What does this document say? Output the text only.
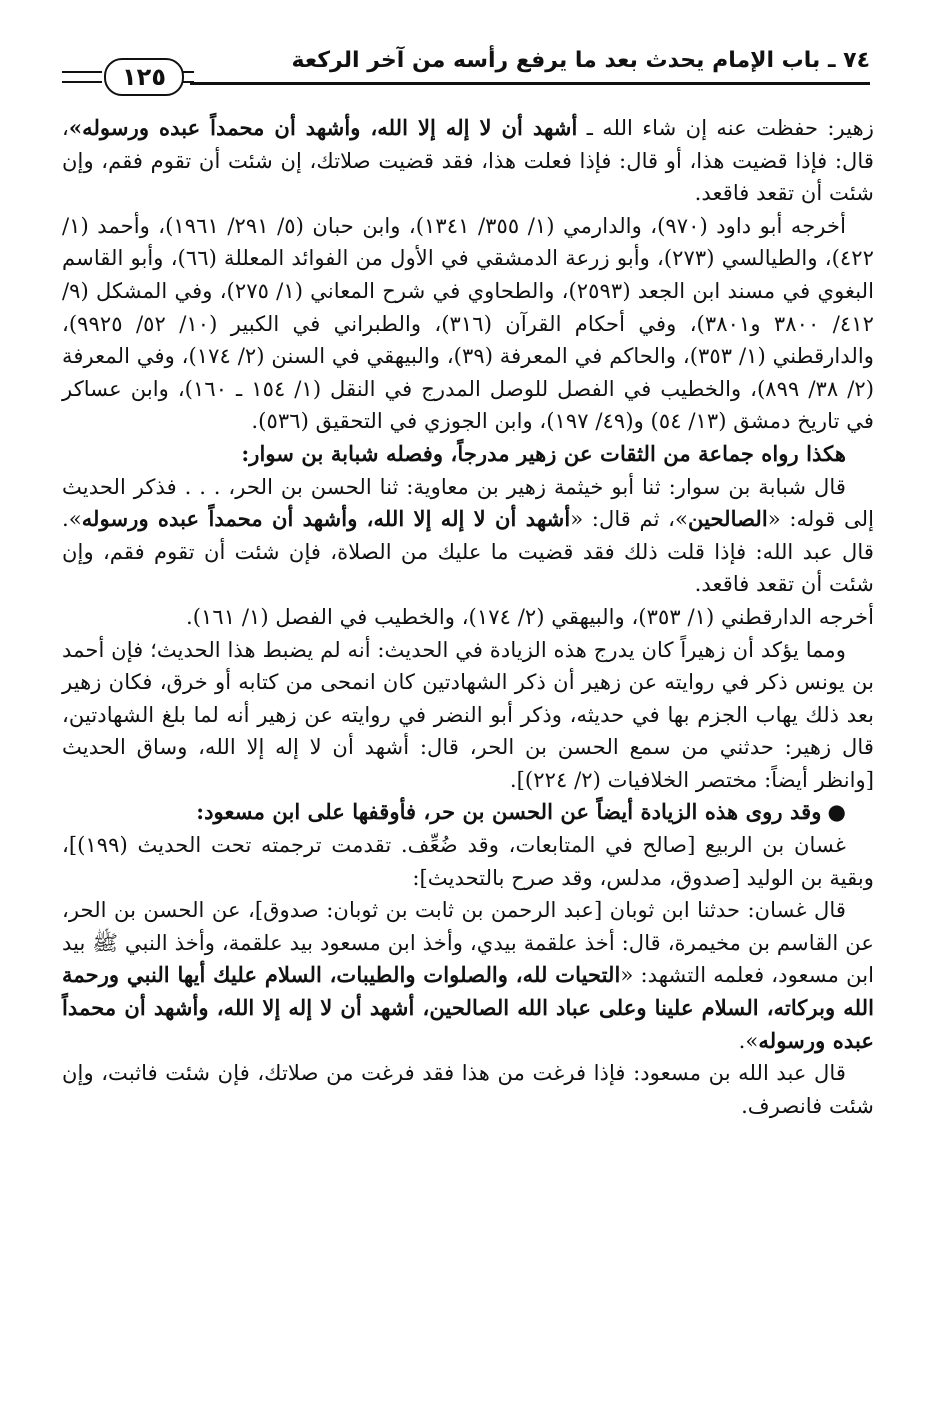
٧٤ ـ باب الإمام يحدث بعد ما يرفع رأسه من آخر الركعة
١٢٥

زهير: حفظت عنه إن شاء الله ـ أشهد أن لا إله إلا الله، وأشهد أن محمداً عبده ورسوله»، قال: فإذا قضيت هذا، أو قال: فإذا فعلت هذا، فقد قضيت صلاتك، إن شئت أن تقوم فقم، وإن شئت أن تقعد فاقعد.

أخرجه أبو داود (٩٧٠)، والدارمي (١/ ٣٥٥/ ١٣٤١)، وابن حبان (٥/ ٢٩١/ ١٩٦١)، وأحمد (١/ ٤٢٢)، والطيالسي (٢٧٣)، وأبو زرعة الدمشقي في الأول من الفوائد المعللة (٦٦)، وأبو القاسم البغوي في مسند ابن الجعد (٢٥٩٣)، والطحاوي في شرح المعاني (١/ ٢٧٥)، وفي المشكل (٩/ ٤١٢/ ٣٨٠٠ و٣٨٠١)، وفي أحكام القرآن (٣١٦)، والطبراني في الكبير (١٠/ ٥٢/ ٩٩٢٥)، والدارقطني (١/ ٣٥٣)، والحاكم في المعرفة (٣٩)، والبيهقي في السنن (٢/ ١٧٤)، وفي المعرفة (٢/ ٣٨/ ٨٩٩)، والخطيب في الفصل للوصل المدرج في النقل (١/ ١٥٤ ـ ١٦٠)، وابن عساكر في تاريخ دمشق (١٣/ ٥٤) و(٤٩/ ١٩٧)، وابن الجوزي في التحقيق (٥٣٦).

هكذا رواه جماعة من الثقات عن زهير مدرجاً، وفصله شبابة بن سوار:

قال شبابة بن سوار: ثنا أبو خيثمة زهير بن معاوية: ثنا الحسن بن الحر، . . . فذكر الحديث إلى قوله: «الصالحين»، ثم قال: «أشهد أن لا إله إلا الله، وأشهد أن محمداً عبده ورسوله». قال عبد الله: فإذا قلت ذلك فقد قضيت ما عليك من الصلاة، فإن شئت أن تقوم فقم، وإن شئت أن تقعد فاقعد.

أخرجه الدارقطني (١/ ٣٥٣)، والبيهقي (٢/ ١٧٤)، والخطيب في الفصل (١/ ١٦١).

ومما يؤكد أن زهيراً كان يدرج هذه الزيادة في الحديث: أنه لم يضبط هذا الحديث؛ فإن أحمد بن يونس ذكر في روايته عن زهير أن ذكر الشهادتين كان انمحى من كتابه أو خرق، فكان زهير بعد ذلك يهاب الجزم بها في حديثه، وذكر أبو النضر في روايته عن زهير أنه لما بلغ الشهادتين، قال زهير: حدثني من سمع الحسن بن الحر، قال: أشهد أن لا إله إلا الله، وساق الحديث [وانظر أيضاً: مختصر الخلافيات (٢/ ٢٢٤)].

●وقد روى هذه الزيادة أيضاً عن الحسن بن حر، فأوقفها على ابن مسعود:

غسان بن الربيع [صالح في المتابعات، وقد ضُعِّف. تقدمت ترجمته تحت الحديث (١٩٩)]، وبقية بن الوليد [صدوق، مدلس، وقد صرح بالتحديث]:

قال غسان: حدثنا ابن ثوبان [عبد الرحمن بن ثابت بن ثوبان: صدوق]، عن الحسن بن الحر، عن القاسم بن مخيمرة، قال: أخذ علقمة بيدي، وأخذ ابن مسعود بيد علقمة، وأخذ النبي ﷺ بيد ابن مسعود، فعلمه التشهد: «التحيات لله، والصلوات والطيبات، السلام عليك أيها النبي ورحمة الله وبركاته، السلام علينا وعلى عباد الله الصالحين، أشهد أن لا إله إلا الله، وأشهد أن محمداً عبده ورسوله».

قال عبد الله بن مسعود: فإذا فرغت من هذا فقد فرغت من صلاتك، فإن شئت فاثبت، وإن شئت فانصرف.
